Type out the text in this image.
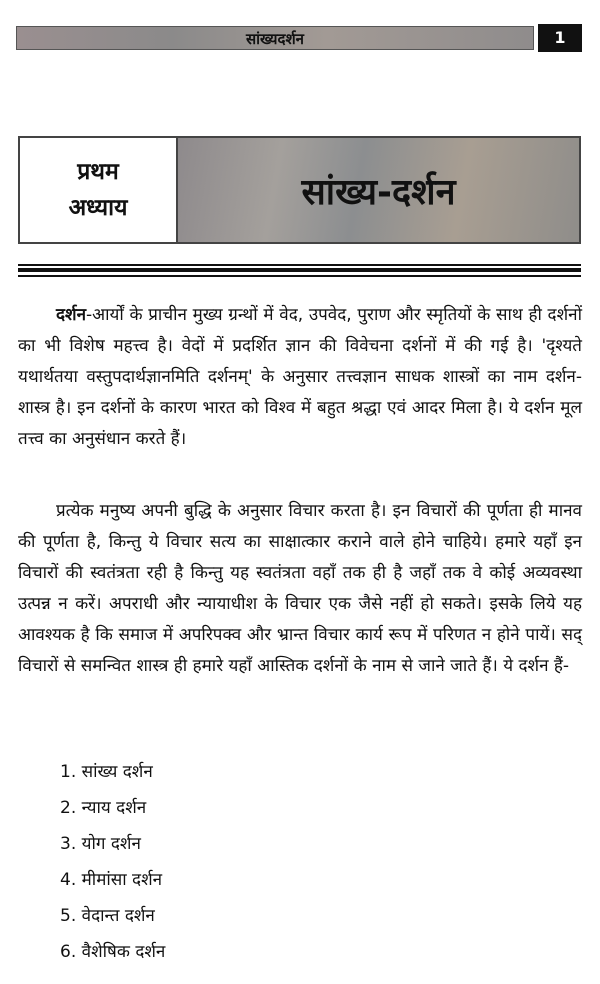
सांख्यदर्शन	1
प्रथम
अध्याय	सांख्य-दर्शन

दर्शन-आर्यों के प्राचीन मुख्य ग्रन्थों में वेद, उपवेद, पुराण और स्मृतियों के साथ ही दर्शनों का भी विशेष महत्त्व है। वेदों में प्रदर्शित ज्ञान की विवेचना दर्शनों में की गई है। 'दृश्यते यथार्थतया वस्तुपदार्थज्ञानमिति दर्शनम्' के अनुसार तत्त्वज्ञान साधक शास्त्रों का नाम दर्शन-शास्त्र है। इन दर्शनों के कारण भारत को विश्व में बहुत श्रद्धा एवं आदर मिला है। ये दर्शन मूल तत्त्व का अनुसंधान करते हैं।

प्रत्येक मनुष्य अपनी बुद्धि के अनुसार विचार करता है। इन विचारों की पूर्णता ही मानव की पूर्णता है, किन्तु ये विचार सत्य का साक्षात्कार कराने वाले होने चाहिये। हमारे यहाँ इन विचारों की स्वतंत्रता रही है किन्तु यह स्वतंत्रता वहाँ तक ही है जहाँ तक वे कोई अव्यवस्था उत्पन्न न करें। अपराधी और न्यायाधीश के विचार एक जैसे नहीं हो सकते। इसके लिये यह आवश्यक है कि समाज में अपरिपक्व और भ्रान्त विचार कार्य रूप में परिणत न होने पायें। सद् विचारों से समन्वित शास्त्र ही हमारे यहाँ आस्तिक दर्शनों के नाम से जाने जाते हैं। ये दर्शन हैं-

1. सांख्य दर्शन
2. न्याय दर्शन
3. योग दर्शन
4. मीमांसा दर्शन
5. वेदान्त दर्शन
6. वैशेषिक दर्शन
